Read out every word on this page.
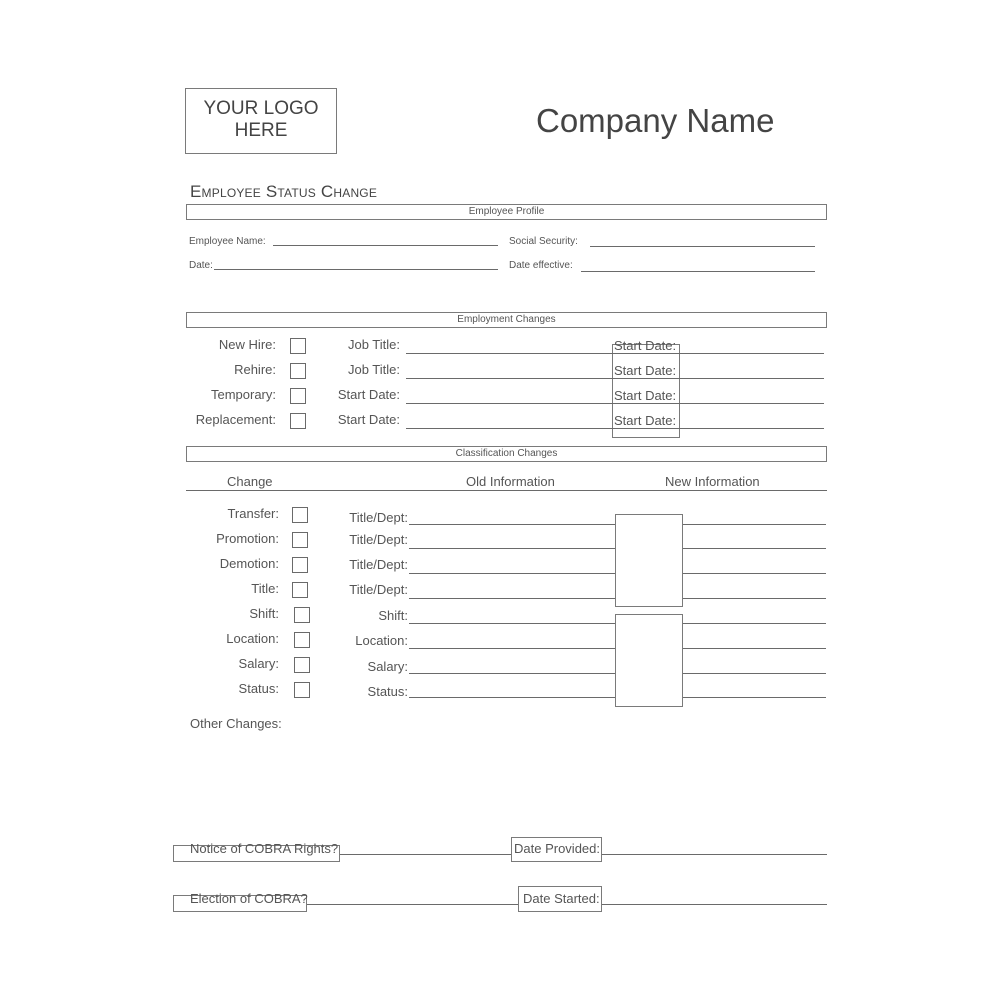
YOUR LOGO
HERE	Company Name
Employee Status Change
Employee Profile
Employee Name:	Social Security:
Date:	Date effective:
Employment Changes
New Hire:	Job Title:	Start Date:
Rehire:	Job Title:	Start Date:
Temporary:	Start Date:	Start Date:
Replacement:	Start Date:	Start Date:
Classification Changes
Change	Old Information	New Information
Transfer:	Title/Dept:
Promotion:	Title/Dept:
Demotion:	Title/Dept:
Title:	Title/Dept:
Shift:	Shift:
Location:	Location:
Salary:	Salary:
Status:	Status:
Other Changes:
Notice of COBRA Rights?	Date Provided:
Election of COBRA?	Date Started:
